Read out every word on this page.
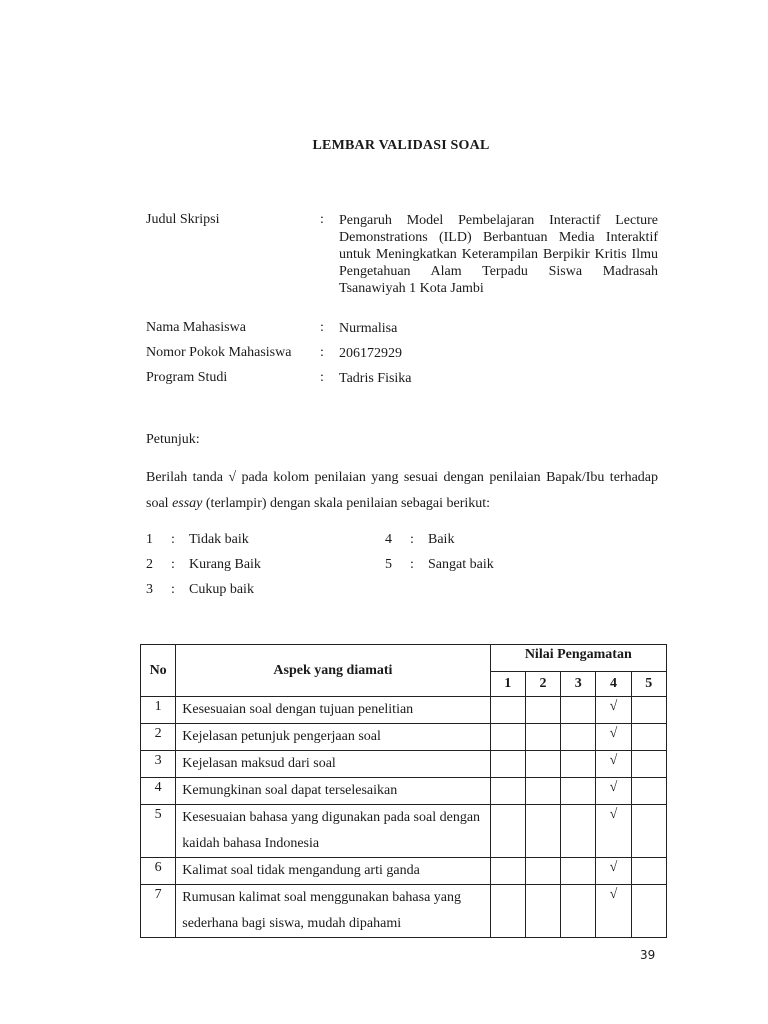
LEMBAR VALIDASI SOAL
Judul Skripsi	: Pengaruh Model Pembelajaran Interactif Lecture Demonstrations (ILD) Berbantuan Media Interaktif untuk Meningkatkan Keterampilan Berpikir Kritis Ilmu Pengetahuan Alam Terpadu Siswa Madrasah Tsanawiyah 1 Kota Jambi
Nama Mahasiswa	: Nurmalisa
Nomor Pokok Mahasiswa	: 206172929
Program Studi	: Tadris Fisika
Petunjuk:
Berilah tanda √ pada kolom penilaian yang sesuai dengan penilaian Bapak/Ibu terhadap soal essay (terlampir) dengan skala penilaian sebagai berikut:
1 : Tidak baik
2 : Kurang Baik
3 : Cukup baik
4 : Baik
5 : Sangat baik
No	Aspek yang diamati	Nilai Pengamatan				
		1	2	3	4	5
1	Kesesuaian soal dengan tujuan penelitian				√	
2	Kejelasan petunjuk pengerjaan soal				√	
3	Kejelasan maksud dari soal				√	
4	Kemungkinan soal dapat terselesaikan				√	
5	Kesesuaian bahasa yang digunakan pada soal dengan kaidah bahasa Indonesia				√	
6	Kalimat soal tidak mengandung arti ganda				√	
7	Rumusan kalimat soal menggunakan bahasa yang sederhana bagi siswa, mudah dipahami				√	
39
